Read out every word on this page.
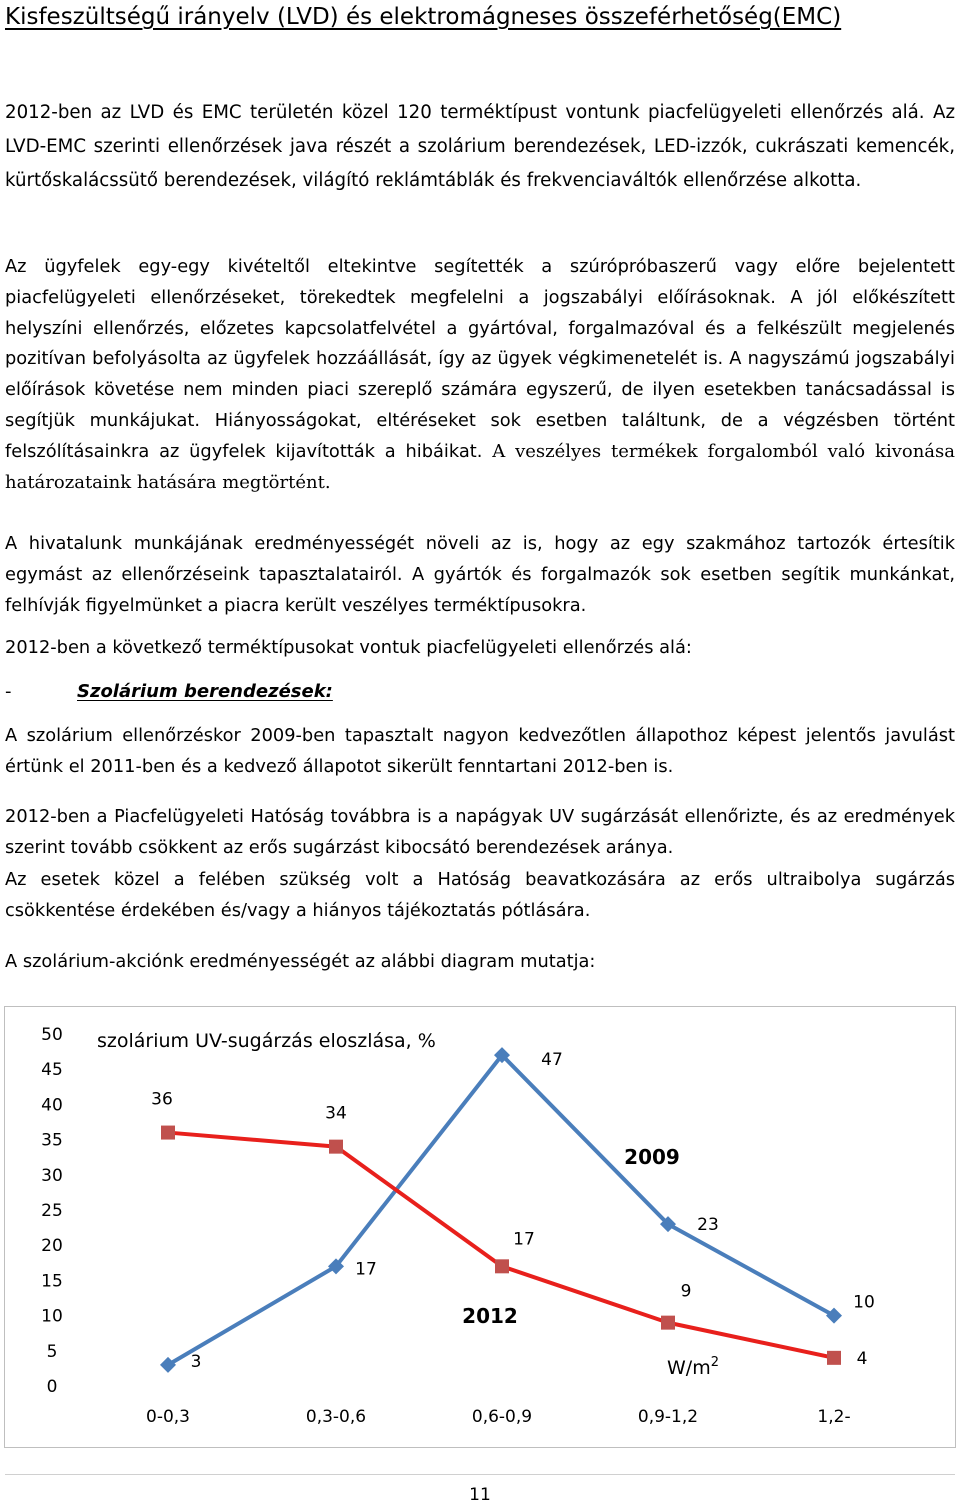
Kisfeszültségű irányelv (LVD) és elektromágneses összeférhetőség(EMC)

2012-ben az LVD és EMC területén közel 120 terméktípust vontunk piacfelügyeleti ellenőrzés alá. Az LVD-EMC szerinti ellenőrzések java részét a szolárium berendezések, LED-izzók, cukrászati kemencék, kürtőskalácssütő berendezések, világító reklámtáblák és frekvenciaváltók ellenőrzése alkotta.

Az ügyfelek egy-egy kivételtől eltekintve segítették a szúrópróbaszerű vagy előre bejelentett piacfelügyeleti ellenőrzéseket, törekedtek megfelelni a jogszabályi előírásoknak. A jól előkészített helyszíni ellenőrzés, előzetes kapcsolatfelvétel a gyártóval, forgalmazóval és a felkészült megjelenés pozitívan befolyásolta az ügyfelek hozzáállását, így az ügyek végkimenetelét is. A nagyszámú jogszabályi előírások követése nem minden piaci szereplő számára egyszerű, de ilyen esetekben tanácsadással is segítjük munkájukat. Hiányosságokat, eltéréseket sok esetben találtunk, de a végzésben történt felszólításainkra az ügyfelek kijavították a hibáikat. A veszélyes termékek forgalomból való kivonása határozataink hatására megtörtént.

A hivatalunk munkájának eredményességét növeli az is, hogy az egy szakmához tartozók értesítik egymást az ellenőrzéseink tapasztalatairól. A gyártók és forgalmazók sok esetben segítik munkánkat, felhívják figyelmünket a piacra került veszélyes terméktípusokra.

2012-ben a következő terméktípusokat vontuk piacfelügyeleti ellenőrzés alá:

-	Szolárium berendezések:

A szolárium ellenőrzéskor 2009-ben tapasztalt nagyon kedvezőtlen állapothoz képest jelentős javulást értünk el 2011-ben és a kedvező állapotot sikerült fenntartani 2012-ben is.

2012-ben a Piacfelügyeleti Hatóság továbbra is a napágyak UV sugárzását ellenőrizte, és az eredmények szerint tovább csökkent az erős sugárzást kibocsátó berendezések aránya.

Az esetek közel a felében szükség volt a Hatóság beavatkozására az erős ultraibolya sugárzás csökkentése érdekében és/vagy a hiányos tájékoztatás pótlására.

A szolárium-akciónk eredményességét az alábbi diagram mutatja:

szolárium UV-sugárzás eloszlása, %
0
5
10
15
20
25
30
35
40
45
50
0-0,3	0,3-0,6	0,6-0,9	0,9-1,2	1,2-
3
17
47
23
10
36
34
17
9
4
2009
2012
$W/m^2$
11
